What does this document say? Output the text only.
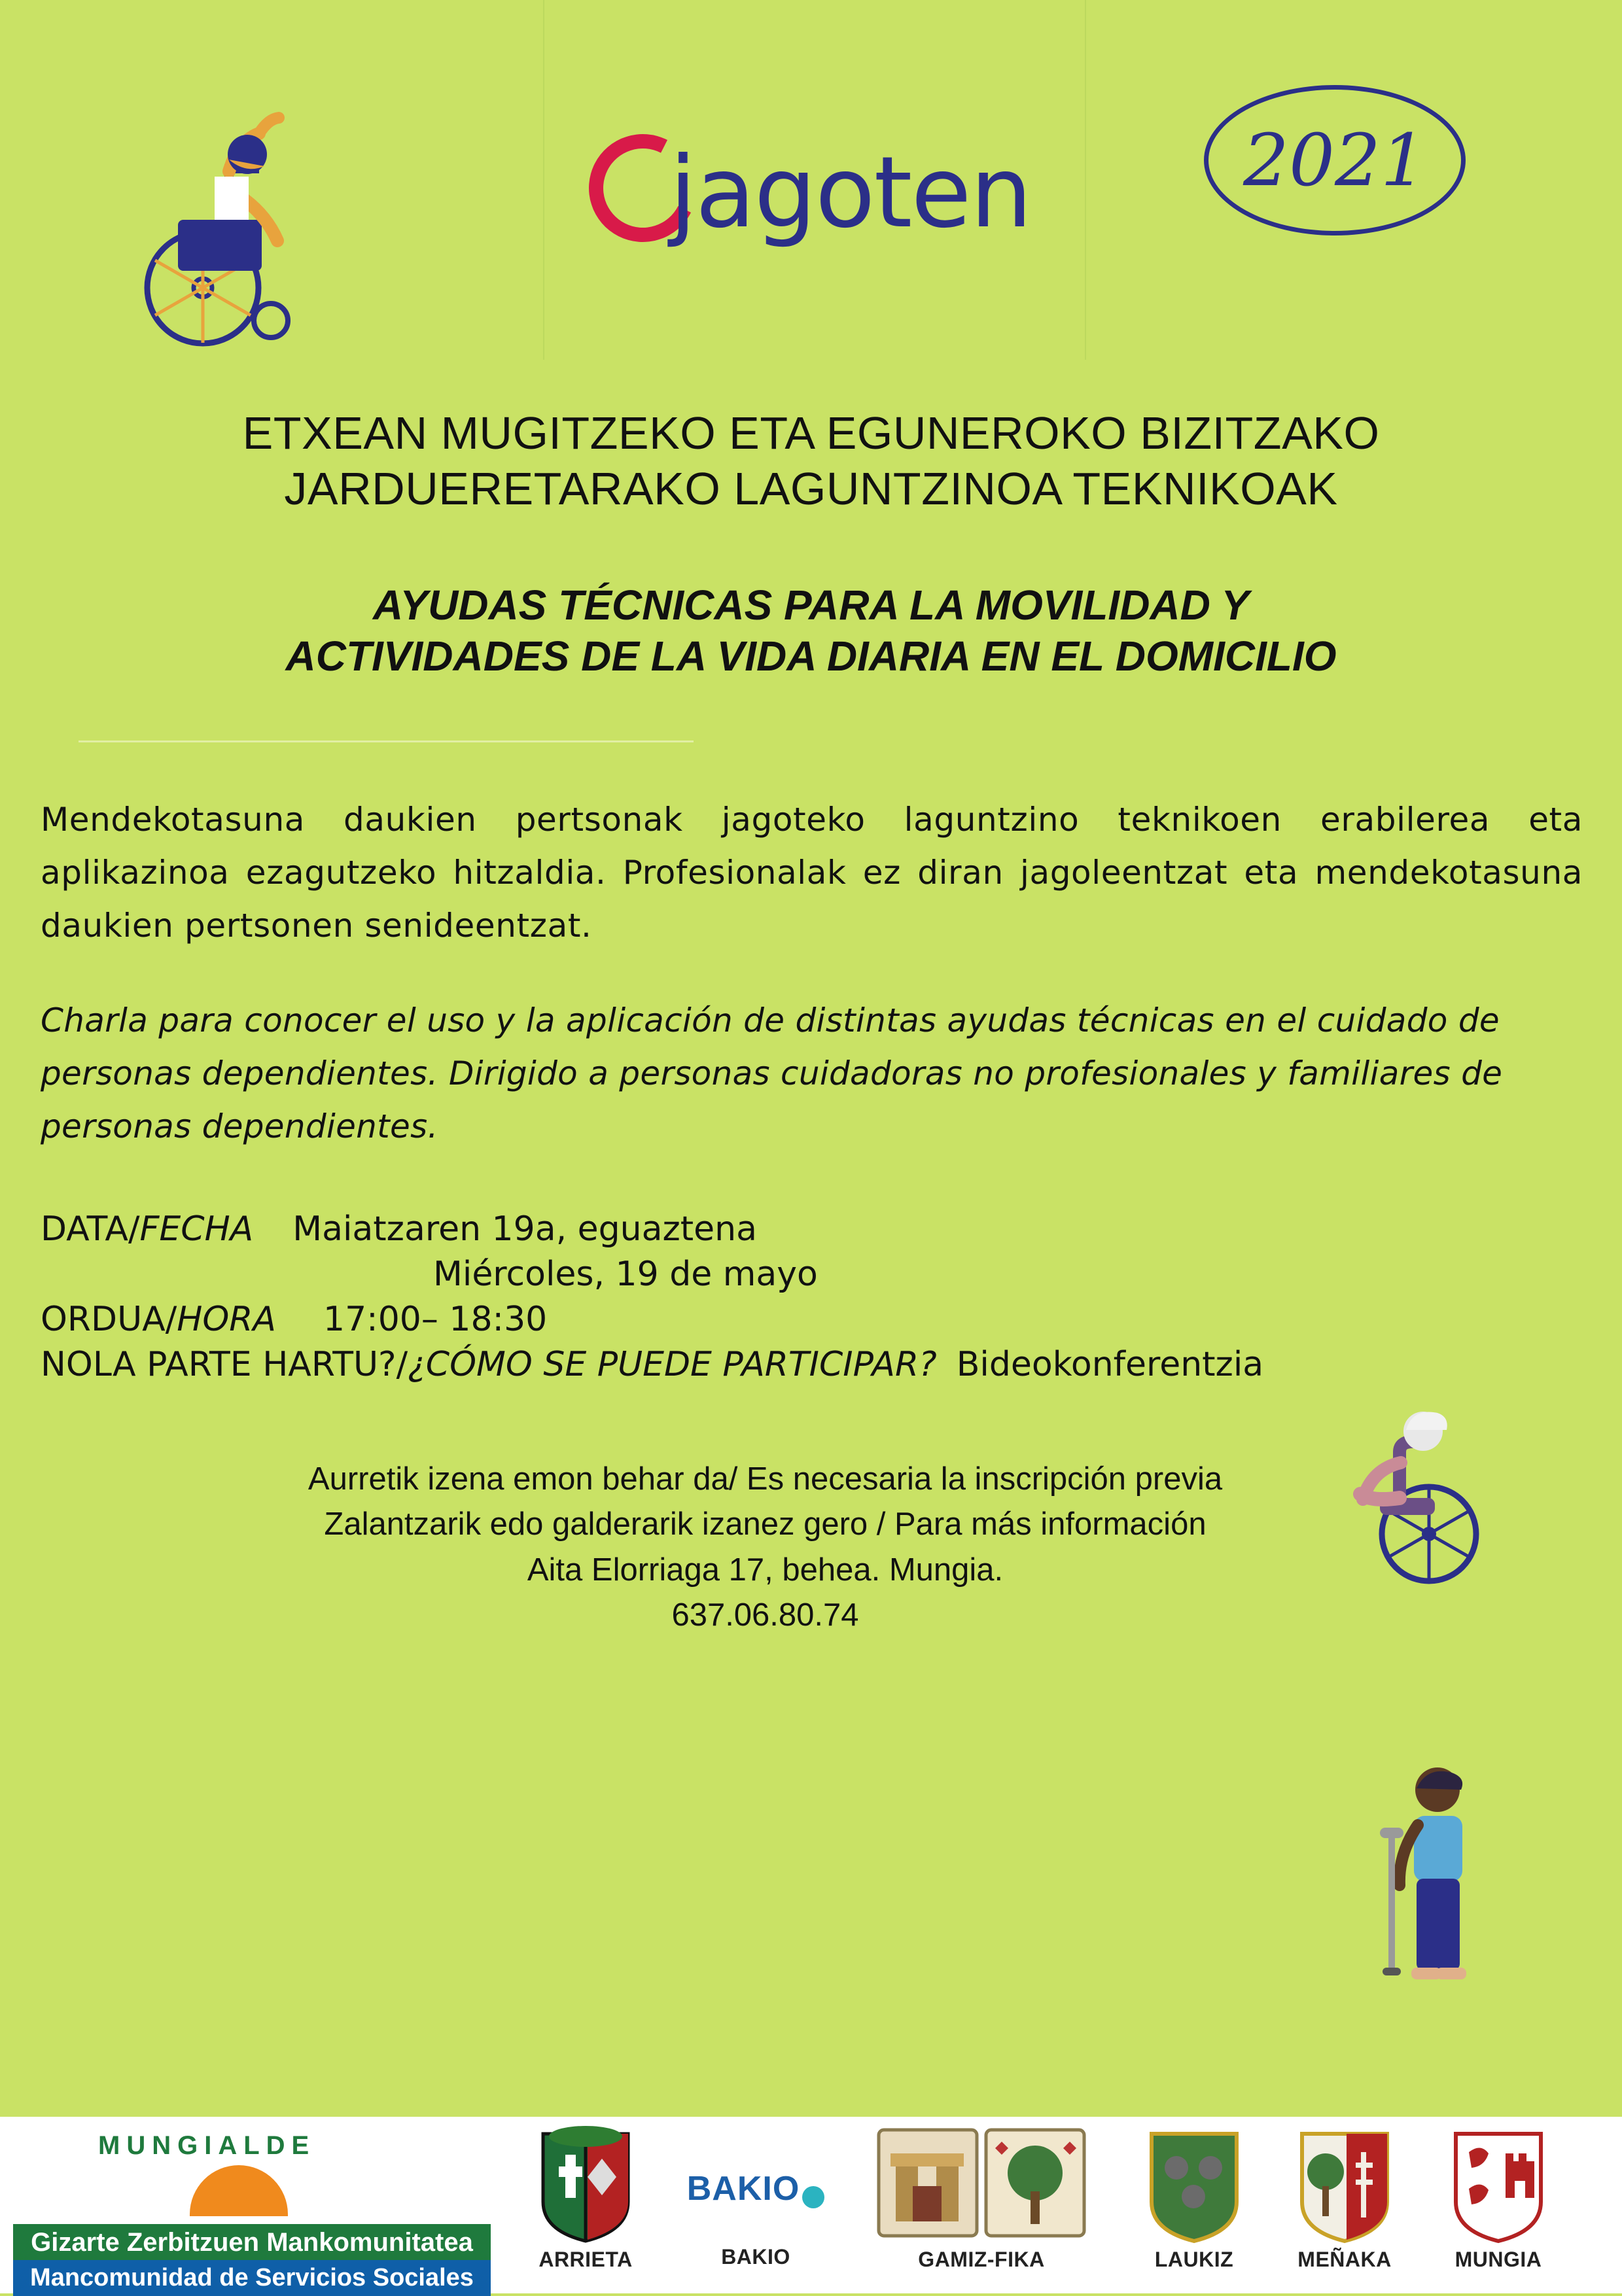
jagoten	2021
ETXEAN MUGITZEKO ETA EGUNEROKO BIZITZAKO
JARDUERETARAKO LAGUNTZINOA TEKNIKOAK
AYUDAS TÉCNICAS PARA LA MOVILIDAD Y
ACTIVIDADES DE LA VIDA DIARIA EN EL DOMICILIO

Mendekotasuna daukien pertsonak jagoteko laguntzino teknikoen erabilerea eta aplikazinoa ezagutzeko hitzaldia. Profesionalak ez diran jagoleentzat eta mendekotasuna daukien pertsonen senideentzat.

Charla para conocer el uso y la aplicación de distintas ayudas técnicas en el cuidado de personas dependientes. Dirigido a personas cuidadoras no profesionales y familiares de personas dependientes.

DATA/FECHA Maiatzaren 19a, eguaztena
Miércoles, 19 de mayo
ORDUA/HORA 17:00– 18:30
NOLA PARTE HARTU?/¿CÓMO SE PUEDE PARTICIPAR? Bideokonferentzia
Aurretik izena emon behar da/ Es necesaria la inscripción previa
Zalantzarik edo galderarik izanez gero / Para más información
Aita Elorriaga 17, behea. Mungia.
637.06.80.74
MUNGIALDE
Gizarte Zerbitzuen Mankomunitatea
Mancomunidad de Servicios Sociales
ARRIETA
BAKIO
BAKIO	GAMIZ-FIKA	LAUKIZ	MEÑAKA	MUNGIA
